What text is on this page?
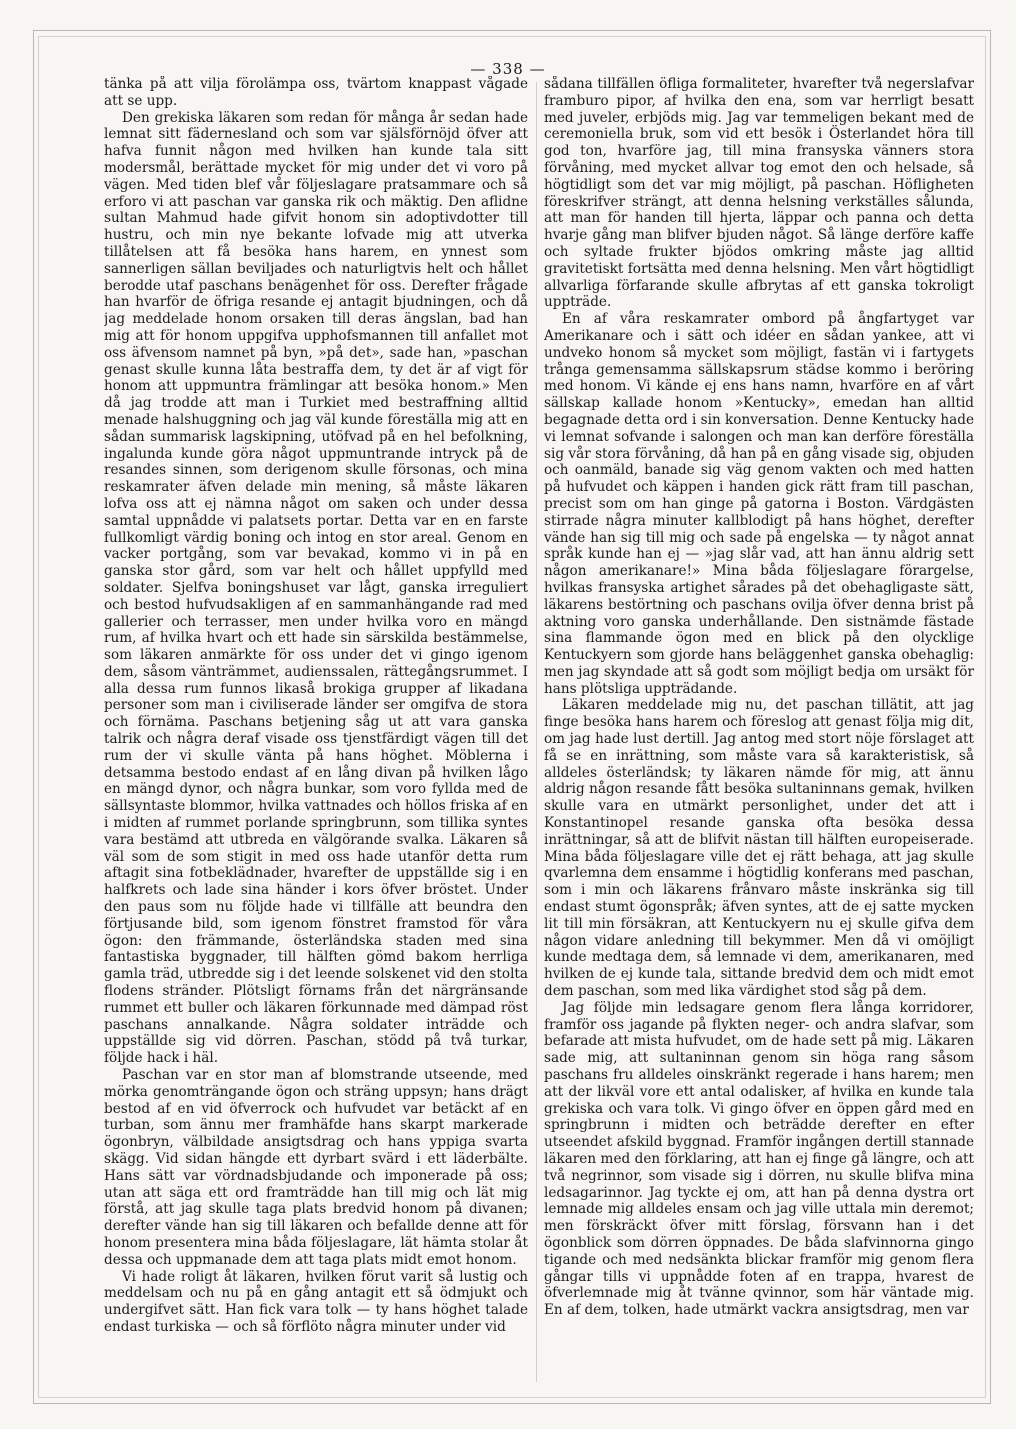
— 338 —

tänka på att vilja förolämpa oss, tvärtom knappast vågade att se upp.

Den grekiska läkaren som redan för många år sedan hade lemnat sitt fädernesland och som var själsförnöjd öfver att hafva funnit någon med hvilken han kunde tala sitt modersmål, berättade mycket för mig under det vi voro på vägen. Med tiden blef vår följeslagare pratsammare och så erforo vi att paschan var ganska rik och mäktig. Den aflidne sultan Mahmud hade gifvit honom sin adoptivdotter till hustru, och min nye bekante lofvade mig att utverka tillåtelsen att få besöka hans harem, en ynnest som sannerligen sällan beviljades och naturligtvis helt och hållet berodde utaf paschans benägenhet för oss. Derefter frågade han hvarför de öfriga resande ej antagit bjudningen, och då jag meddelade honom orsaken till deras ängslan, bad han mig att för honom uppgifva upphofsmannen till anfallet mot oss äfvensom namnet på byn, »på det», sade han, »paschan genast skulle kunna låta bestraffa dem, ty det är af vigt för honom att uppmuntra främlingar att besöka honom.» Men då jag trodde att man i Turkiet med bestraffning alltid menade halshuggning och jag väl kunde föreställa mig att en sådan summarisk lagskipning, utöfvad på en hel befolkning, ingalunda kunde göra något uppmuntrande intryck på de resandes sinnen, som derigenom skulle försonas, och mina reskamrater äfven delade min mening, så måste läkaren lofva oss att ej nämna något om saken och under dessa samtal uppnådde vi palatsets portar. Detta var en en farste fullkomligt värdig boning och intog en stor areal. Genom en vacker portgång, som var bevakad, kommo vi in på en ganska stor gård, som var helt och hållet uppfylld med soldater. Sjelfva boningshuset var lågt, ganska irreguliert och bestod hufvudsakligen af en sammanhängande rad med gallerier och terrasser, men under hvilka voro en mängd rum, af hvilka hvart och ett hade sin särskilda bestämmelse, som läkaren anmärkte för oss under det vi gingo igenom dem, såsom vänträmmet, audienssalen, rättegångsrummet. I alla dessa rum funnos likaså brokiga grupper af likadana personer som man i civiliserade länder ser omgifva de stora och förnäma. Paschans betjening såg ut att vara ganska talrik och några deraf visade oss tjenstfärdigt vägen till det rum der vi skulle vänta på hans höghet. Möblerna i detsamma bestodo endast af en lång divan på hvilken lågo en mängd dynor, och några bunkar, som voro fyllda med de sällsyntaste blommor, hvilka vattnades och höllos friska af en i midten af rummet porlande springbrunn, som tillika syntes vara bestämd att utbreda en välgörande svalka. Läkaren så väl som de som stigit in med oss hade utanför detta rum aftagit sina fotbeklädnader, hvarefter de uppställde sig i en halfkrets och lade sina händer i kors öfver bröstet. Under den paus som nu följde hade vi tillfälle att beundra den förtjusande bild, som igenom fönstret framstod för våra ögon: den främmande, österländska staden med sina fantastiska byggnader, till hälften gömd bakom herrliga gamla träd, utbredde sig i det leende solskenet vid den stolta flodens stränder. Plötsligt förnams från det närgränsande rummet ett buller och läkaren förkunnade med dämpad röst paschans annalkande. Några soldater inträdde och uppställde sig vid dörren. Paschan, stödd på två turkar, följde hack i häl.

Paschan var en stor man af blomstrande utseende, med mörka genomträngande ögon och sträng uppsyn; hans drägt bestod af en vid öfverrock och hufvudet var betäckt af en turban, som ännu mer framhäfde hans skarpt markerade ögonbryn, välbildade ansigtsdrag och hans yppiga svarta skägg. Vid sidan hängde ett dyrbart svärd i ett läderbälte. Hans sätt var vördnadsbjudande och imponerade på oss; utan att säga ett ord framträdde han till mig och lät mig förstå, att jag skulle taga plats bredvid honom på divanen; derefter vände han sig till läkaren och befallde denne att för honom presentera mina båda följeslagare, lät hämta stolar åt dessa och uppmanade dem att taga plats midt emot honom.

Vi hade roligt åt läkaren, hvilken förut varit så lustig och meddelsam och nu på en gång antagit ett så ödmjukt och undergifvet sätt. Han fick vara tolk — ty hans höghet talade endast turkiska — och så förflöto några minuter under vid

sådana tillfällen öfliga formaliteter, hvarefter två negerslafvar framburo pipor, af hvilka den ena, som var herrligt besatt med juveler, erbjöds mig. Jag var temmeligen bekant med de ceremoniella bruk, som vid ett besök i Österlandet höra till god ton, hvarföre jag, till mina fransyska vänners stora förvåning, med mycket allvar tog emot den och helsade, så högtidligt som det var mig möjligt, på paschan. Höfligheten föreskrifver strängt, att denna helsning verkställes sålunda, att man för handen till hjerta, läppar och panna och detta hvarje gång man blifver bjuden något. Så länge derföre kaffe och syltade frukter bjödos omkring måste jag alltid gravitetiskt fortsätta med denna helsning. Men vårt högtidligt allvarliga förfarande skulle afbrytas af ett ganska tokroligt uppträde.

En af våra reskamrater ombord på ångfartyget var Amerikanare och i sätt och idéer en sådan yankee, att vi undveko honom så mycket som möjligt, fastän vi i fartygets trånga gemensamma sällskapsrum städse kommo i beröring med honom. Vi kände ej ens hans namn, hvarföre en af vårt sällskap kallade honom »Kentucky», emedan han alltid begagnade detta ord i sin konversation. Denne Kentucky hade vi lemnat sofvande i salongen och man kan derföre föreställa sig vår stora förvåning, då han på en gång visade sig, objuden och oanmäld, banade sig väg genom vakten och med hatten på hufvudet och käppen i handen gick rätt fram till paschan, precist som om han ginge på gatorna i Boston. Värdgästen stirrade några minuter kallblodigt på hans höghet, derefter vände han sig till mig och sade på engelska — ty något annat språk kunde han ej — »jag slår vad, att han ännu aldrig sett någon amerikanare!» Mina båda följeslagare förargelse, hvilkas fransyska artighet sårades på det obehagligaste sätt, läkarens bestörtning och paschans ovilja öfver denna brist på aktning voro ganska underhållande. Den sistnämde fästade sina flammande ögon med en blick på den olycklige Kentuckyern som gjorde hans beläggenhet ganska obehaglig: men jag skyndade att så godt som möjligt bedja om ursäkt för hans plötsliga uppträdande.

Läkaren meddelade mig nu, det paschan tillätit, att jag finge besöka hans harem och föreslog att genast följa mig dit, om jag hade lust dertill. Jag antog med stort nöje förslaget att få se en inrättning, som måste vara så karakteristisk, så alldeles österländsk; ty läkaren nämde för mig, att ännu aldrig någon resande fått besöka sultaninnans gemak, hvilken skulle vara en utmärkt personlighet, under det att i Konstantinopel resande ganska ofta besöka dessa inrättningar, så att de blifvit nästan till hälften europeiserade. Mina båda följeslagare ville det ej rätt behaga, att jag skulle qvarlemna dem ensamme i högtidlig konferans med paschan, som i min och läkarens frånvaro måste inskränka sig till endast stumt ögonspråk; äfven syntes, att de ej satte mycken lit till min försäkran, att Kentuckyern nu ej skulle gifva dem någon vidare anledning till bekymmer. Men då vi omöjligt kunde medtaga dem, så lemnade vi dem, amerikanaren, med hvilken de ej kunde tala, sittande bredvid dem och midt emot dem paschan, som med lika värdighet stod såg på dem.

Jag följde min ledsagare genom flera långa korridorer, framför oss jagande på flykten neger- och andra slafvar, som befarade att mista hufvudet, om de hade sett på mig. Läkaren sade mig, att sultaninnan genom sin höga rang såsom paschans fru alldeles oinskränkt regerade i hans harem; men att der likväl vore ett antal odalisker, af hvilka en kunde tala grekiska och vara tolk. Vi gingo öfver en öppen gård med en springbrunn i midten och beträdde derefter en efter utseendet afskild byggnad. Framför ingången dertill stannade läkaren med den förklaring, att han ej finge gå längre, och att två negrinnor, som visade sig i dörren, nu skulle blifva mina ledsagarinnor. Jag tyckte ej om, att han på denna dystra ort lemnade mig alldeles ensam och jag ville uttala min deremot; men förskräckt öfver mitt förslag, försvann han i det ögonblick som dörren öppnades. De båda slafvinnorna gingo tigande och med nedsänkta blickar framför mig genom flera gångar tills vi uppnådde foten af en trappa, hvarest de öfverlemnade mig åt tvänne qvinnor, som här väntade mig. En af dem, tolken, hade utmärkt vackra ansigtsdrag, men var
